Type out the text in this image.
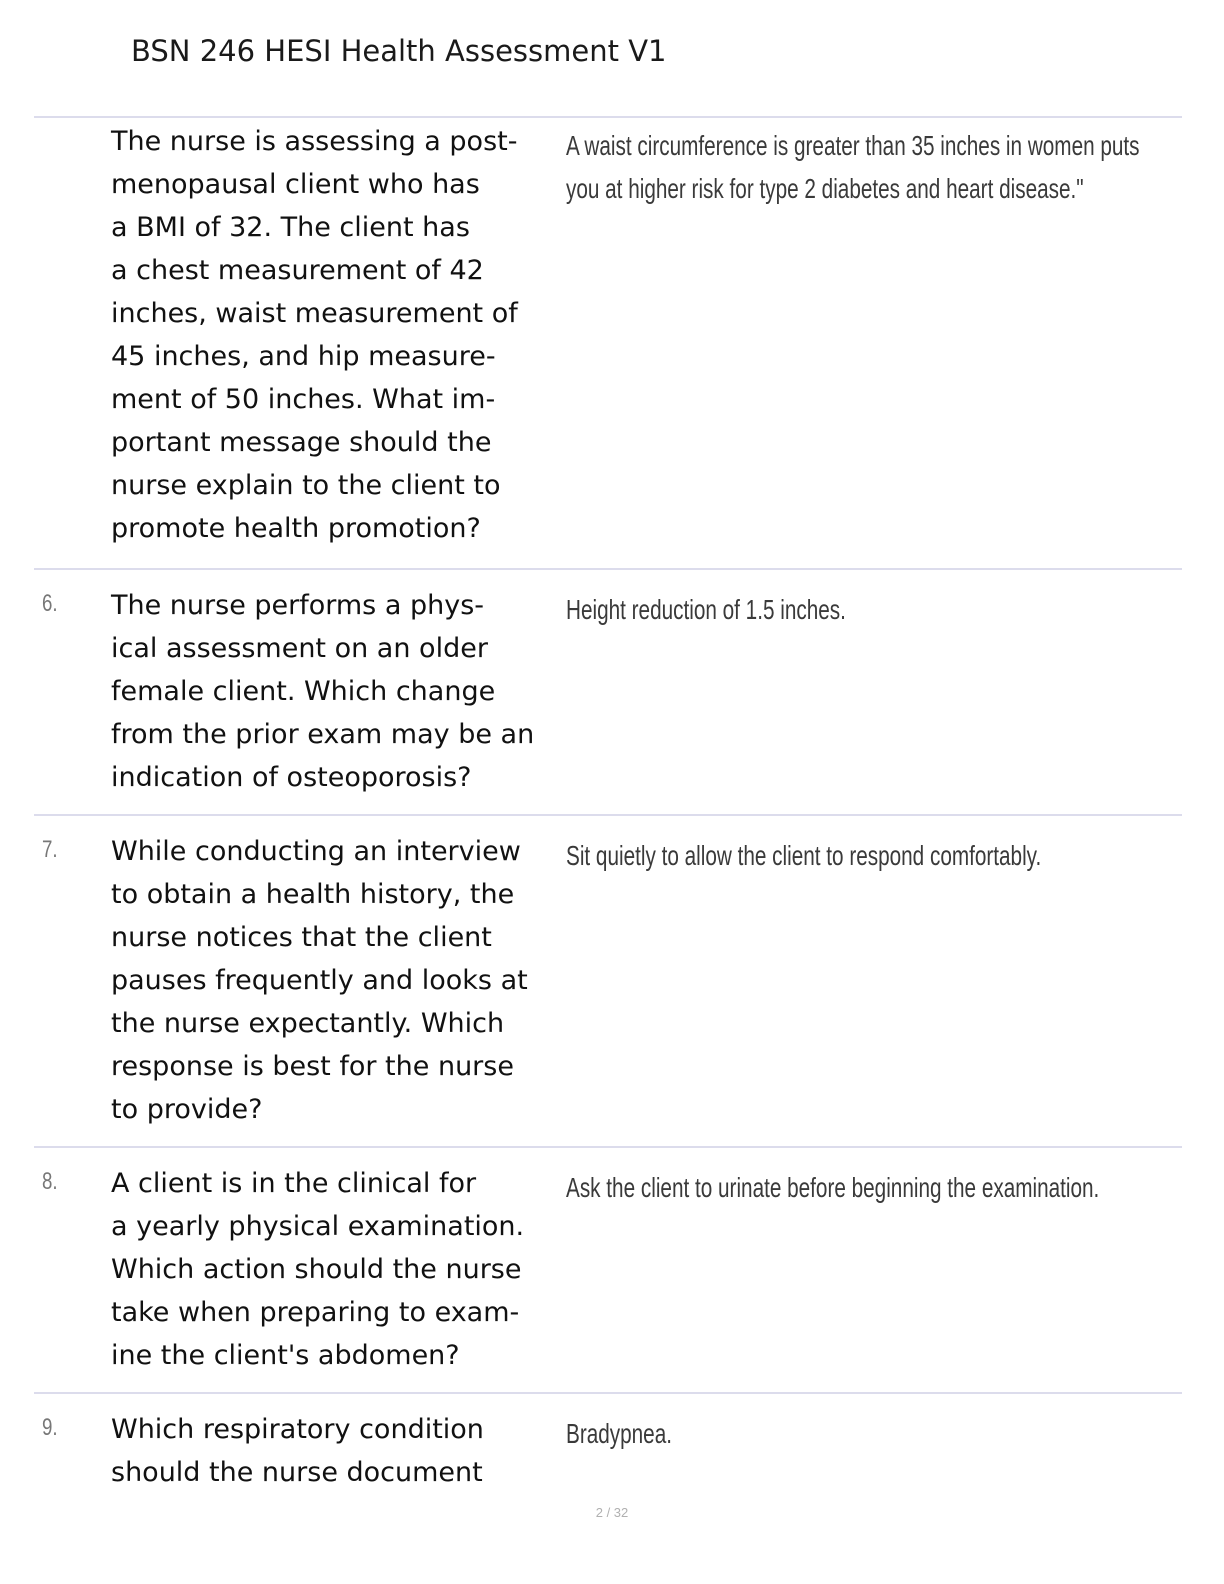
BSN 246 HESI Health Assessment V1
The nurse is assessing a post-
menopausal client who has
a BMI of 32. The client has
a chest measurement of 42
inches, waist measurement of
45 inches, and hip measure-
ment of 50 inches. What im-
portant message should the
nurse explain to the client to
promote health promotion?
A waist circumference is greater than 35 inches in women puts
you at higher risk for type 2 diabetes and heart disease."
6. The nurse performs a phys-
ical assessment on an older
female client. Which change
from the prior exam may be an
indication of osteoporosis?
Height reduction of 1.5 inches.
7. While conducting an interview
to obtain a health history, the
nurse notices that the client
pauses frequently and looks at
the nurse expectantly. Which
response is best for the nurse
to provide?
Sit quietly to allow the client to respond comfortably.
8. A client is in the clinical for
a yearly physical examination.
Which action should the nurse
take when preparing to exam-
ine the client's abdomen?
Ask the client to urinate before beginning the examination.
9. Which respiratory condition
should the nurse document
Bradypnea.
2 / 32
